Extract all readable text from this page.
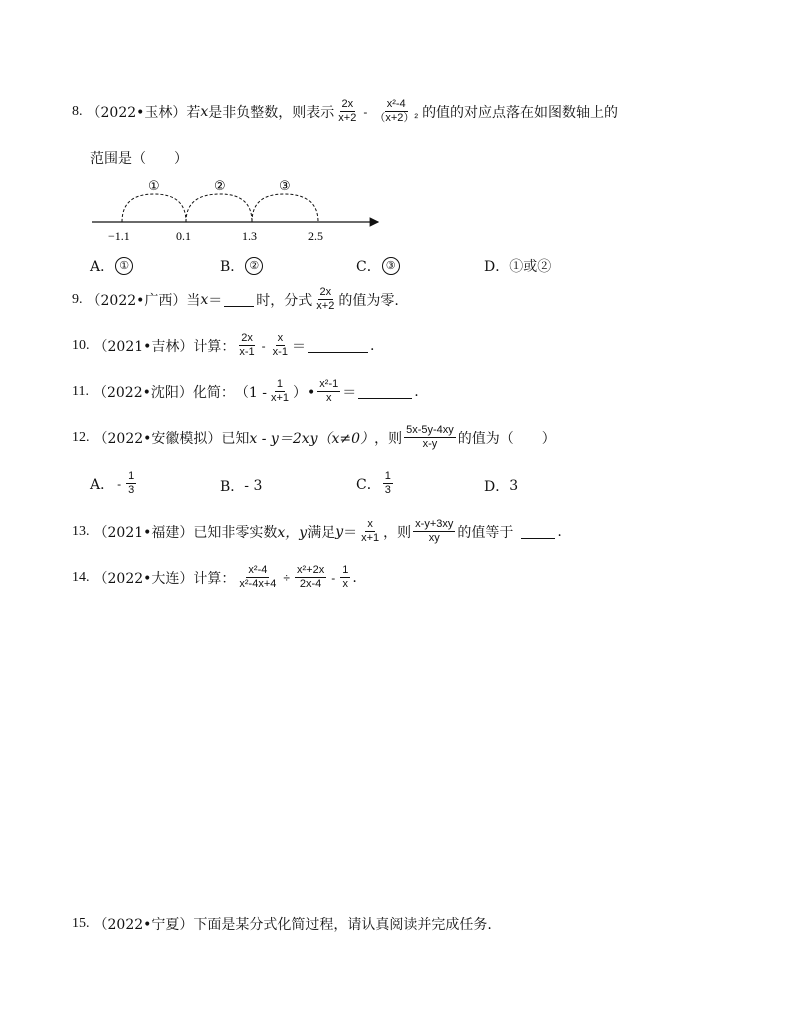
8. （2022•玉林） 若 x 是非负整数，则表示 $\frac{2x}{x+2} - \frac{\text{x²-4}}{\text{（x+2）²}}$ 的值的对应点落在如图数轴上的
范围是（　　）
①	②	③
−1.1	0.1	1.3	2.5
A． ①	B． ②	C． ③	D． ①或②
9. （2022•广西） 当 x ＝ 时，分式 $\frac{2x}{x+2}$ 的值为零.
10. （2021•吉林） 计算： $\frac{2x}{x-1} - \frac{x}{x-1}$ ＝	.
11. （2022•沈阳） 化简： （$1 - \frac{1}{x+1}$ ）• $\frac{\text{x²-1}}{x}$ ＝	.
12. （2022•安徽模拟） 已知 x - y＝2xy（x≠0） ，则 $\frac{5x-5y-4xy}{x-y}$ 的值为（　　）
A． - $\frac{1}{3}$	B． - 3	C． $\frac{1}{3}$	D． 3
13. （2021•福建） 已知非零实数 x，y 满足 $y = \frac{x}{x+1}$ ，则 $\frac{x-y+3xy}{xy}$ 的值等于	.
14. （2022•大连） 计算： $\frac{\text{x²-4}}{\text{x²-4x+4}} \div \frac{\text{x²+2x}}{2x-4} - \frac{1}{x}$ .
15. （2022•宁夏） 下面是某分式化简过程，请认真阅读并完成任务.
